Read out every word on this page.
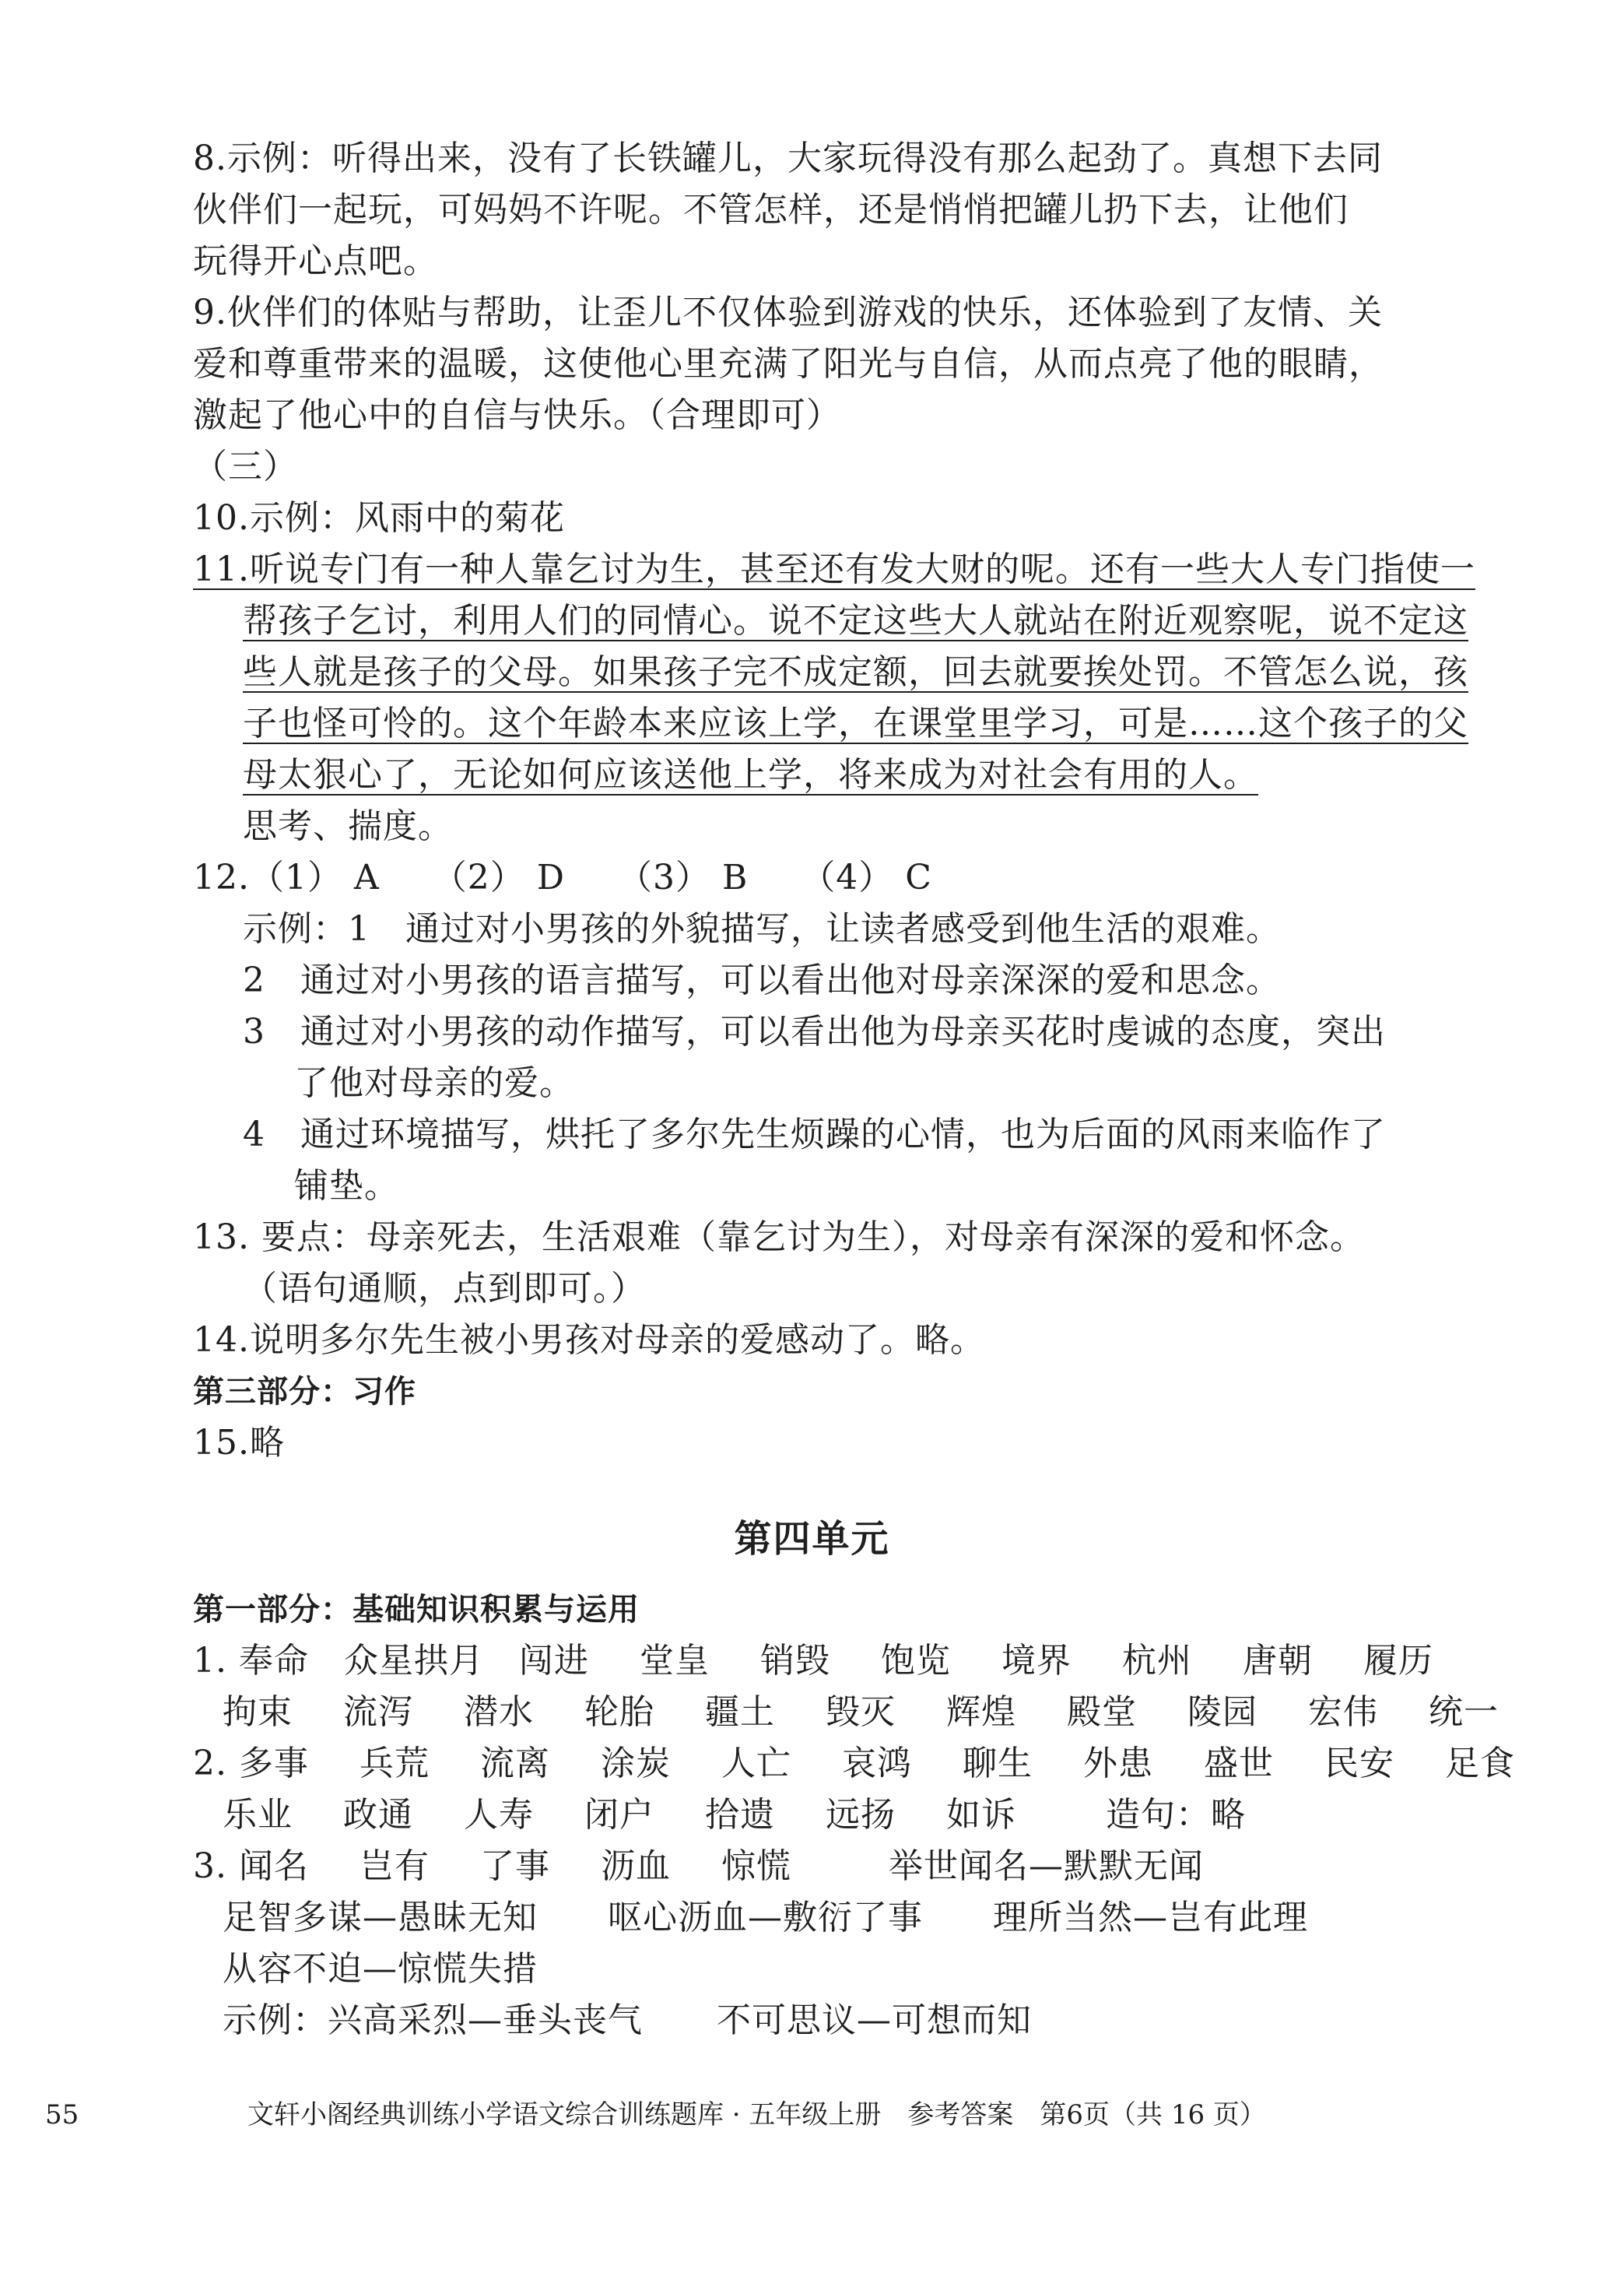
8.示例：听得出来，没有了长铁罐儿，大家玩得没有那么起劲了。真想下去同
伙伴们一起玩，可妈妈不许呢。不管怎样，还是悄悄把罐儿扔下去，让他们
玩得开心点吧。
9.伙伴们的体贴与帮助，让歪儿不仅体验到游戏的快乐，还体验到了友情、关
爱和尊重带来的温暖，这使他心里充满了阳光与自信，从而点亮了他的眼睛，
激起了他心中的自信与快乐。（合理即可）
（三）
10.示例：风雨中的菊花
11.听说专门有一种人靠乞讨为生，甚至还有发大财的呢。还有一些大人专门指使一
帮孩子乞讨，利用人们的同情心。说不定这些大人就站在附近观察呢，说不定这
些人就是孩子的父母。如果孩子完不成定额，回去就要挨处罚。不管怎么说，孩
子也怪可怜的。这个年龄本来应该上学，在课堂里学习，可是……这个孩子的父
母太狠心了，无论如何应该送他上学，将来成为对社会有用的人。
思考、揣度。
12.（1） A　　（2） D　　（3） B　　（4） C
示例：1　通过对小男孩的外貌描写，让读者感受到他生活的艰难。
2　通过对小男孩的语言描写，可以看出他对母亲深深的爱和思念。
3　通过对小男孩的动作描写，可以看出他为母亲买花时虔诚的态度，突出
了他对母亲的爱。
4　通过环境描写，烘托了多尔先生烦躁的心情，也为后面的风雨来临作了
铺垫。
13. 要点：母亲死去，生活艰难（靠乞讨为生），对母亲有深深的爱和怀念。
（语句通顺，点到即可。）
14.说明多尔先生被小男孩对母亲的爱感动了。略。
第三部分：习作
15.略
第四单元
第一部分：基础知识积累与运用
1. 奉命 众星拱月 闯进 堂皇 销毁 饱览 境界 杭州 唐朝 履历
拘束 流泻 潜水 轮胎 疆土 毁灭 辉煌 殿堂 陵园 宏伟 统一
2. 多事 兵荒 流离 涂炭 人亡 哀鸿 聊生 外患 盛世 民安 足食
乐业 政通 人寿 闭户 拾遗 远扬 如诉	造句：略
3. 闻名 岂有 了事 沥血 惊慌	举世闻名—默默无闻
足智多谋—愚昧无知 呕心沥血—敷衍了事 理所当然—岂有此理
从容不迫—惊慌失措
示例：兴高采烈—垂头丧气 不可思议—可想而知
55	文轩小阁经典训练小学语文综合训练题库 · 五年级上册　参考答案　第6页（共 16 页）
